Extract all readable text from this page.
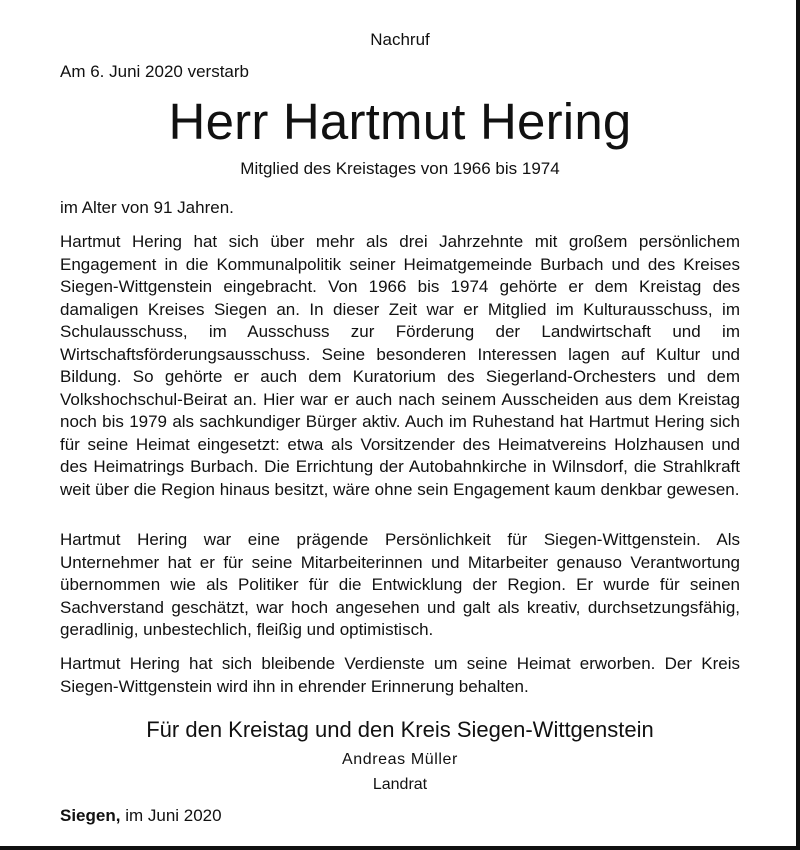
Nachruf
Am 6. Juni 2020 verstarb
Herr Hartmut Hering
Mitglied des Kreistages von 1966 bis 1974
im Alter von 91 Jahren.

Hartmut Hering hat sich über mehr als drei Jahrzehnte mit großem persönlichem Engagement in die Kommunalpolitik seiner Heimatgemeinde Burbach und des Kreises Siegen-Wittgenstein eingebracht. Von 1966 bis 1974 gehörte er dem Kreistag des damaligen Kreises Siegen an. In dieser Zeit war er Mitglied im Kulturausschuss, im Schulausschuss, im Ausschuss zur Förderung der Landwirtschaft und im Wirtschaftsförderungsausschuss. Seine besonderen Interessen lagen auf Kultur und Bildung. So gehörte er auch dem Kuratorium des Siegerland-Orchesters und dem Volkshochschul-Beirat an. Hier war er auch nach seinem Ausscheiden aus dem Kreistag noch bis 1979 als sachkundiger Bürger aktiv. Auch im Ruhestand hat Hartmut Hering sich für seine Heimat eingesetzt: etwa als Vorsitzender des Heimatvereins Holzhausen und des Heimatrings Burbach. Die Errichtung der Autobahnkirche in Wilnsdorf, die Strahlkraft weit über die Region hinaus besitzt, wäre ohne sein Engagement kaum denkbar gewesen.

Hartmut Hering war eine prägende Persönlichkeit für Siegen-Wittgenstein. Als Unternehmer hat er für seine Mitarbeiterinnen und Mitarbeiter genauso Verantwortung übernommen wie als Politiker für die Entwicklung der Region. Er wurde für seinen Sachverstand geschätzt, war hoch angesehen und galt als kreativ, durchsetzungsfähig, geradlinig, unbestechlich, fleißig und optimistisch.

Hartmut Hering hat sich bleibende Verdienste um seine Heimat erworben. Der Kreis Siegen-Wittgenstein wird ihn in ehrender Erinnerung behalten.

Für den Kreistag und den Kreis Siegen-Wittgenstein
Andreas Müller
Landrat
Siegen, im Juni 2020
